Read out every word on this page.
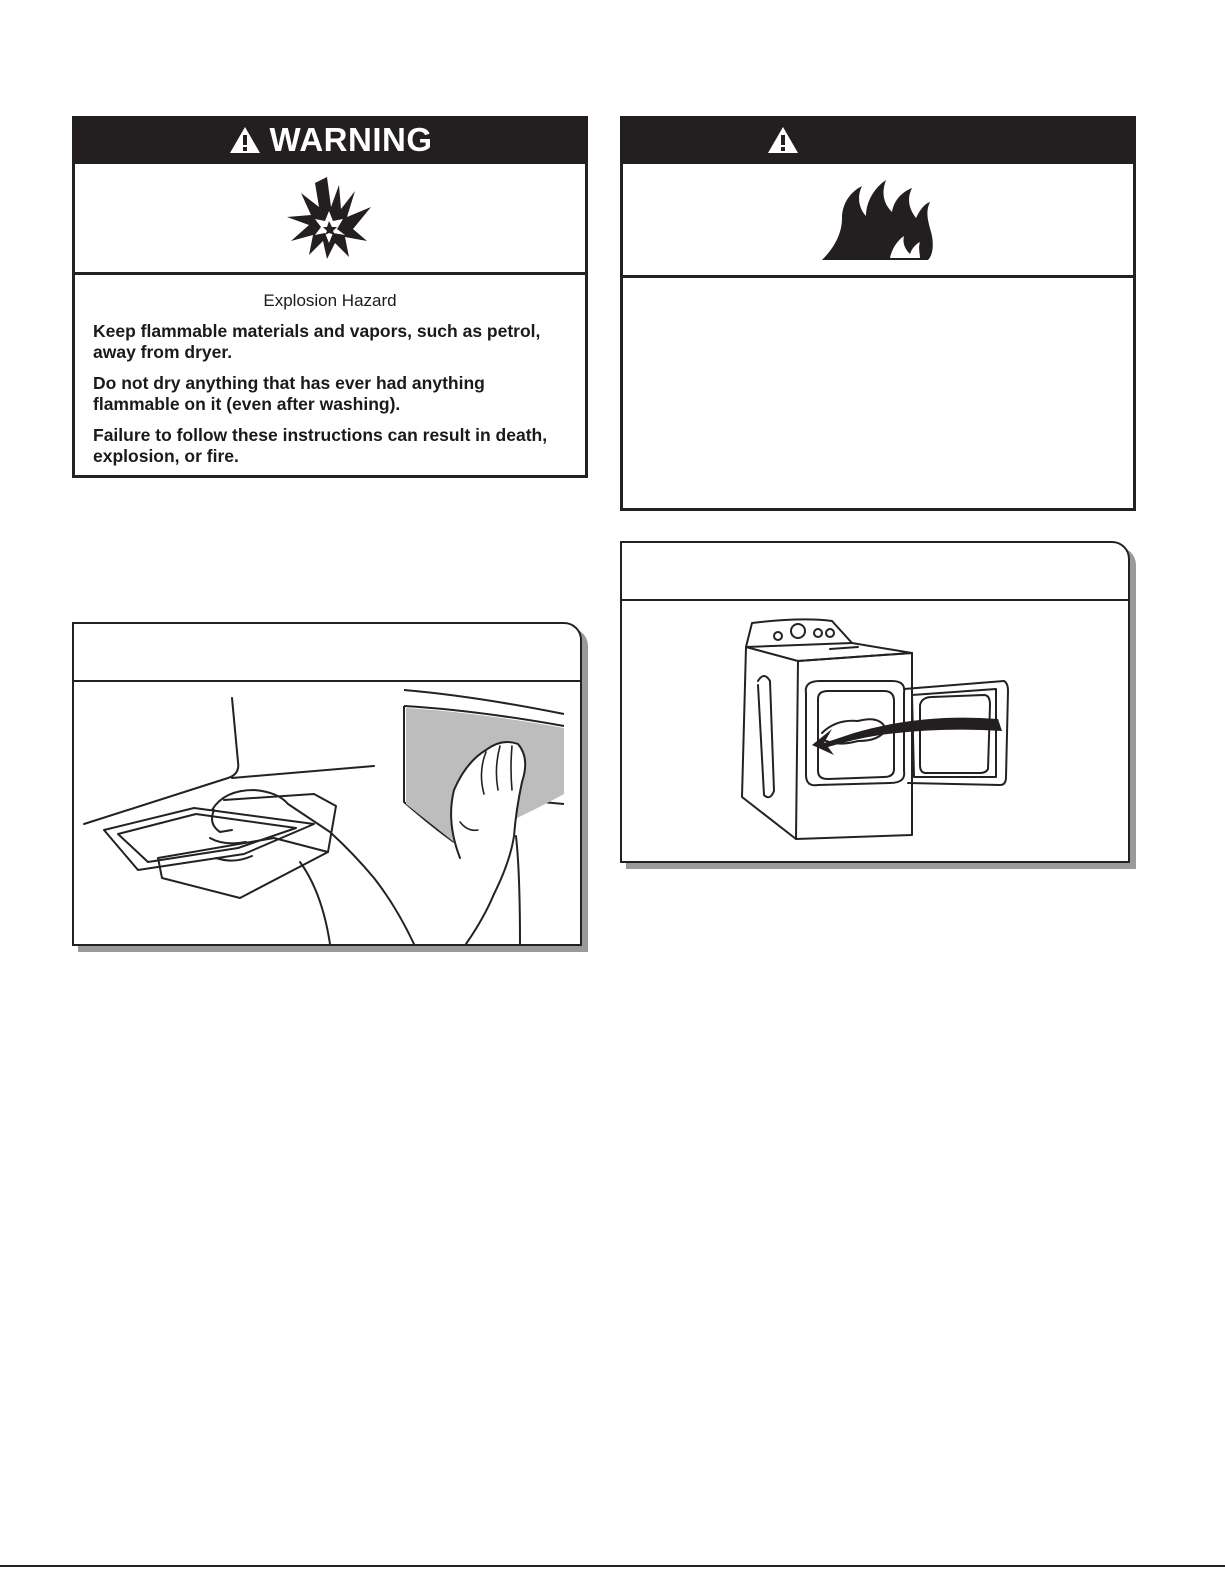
WARNING

Explosion Hazard

Keep flammable materials and vapors, such as petrol, away from dryer.

Do not dry anything that has ever had anything flammable on it (even after washing).

Failure to follow these instructions can result in death, explosion, or fire.
